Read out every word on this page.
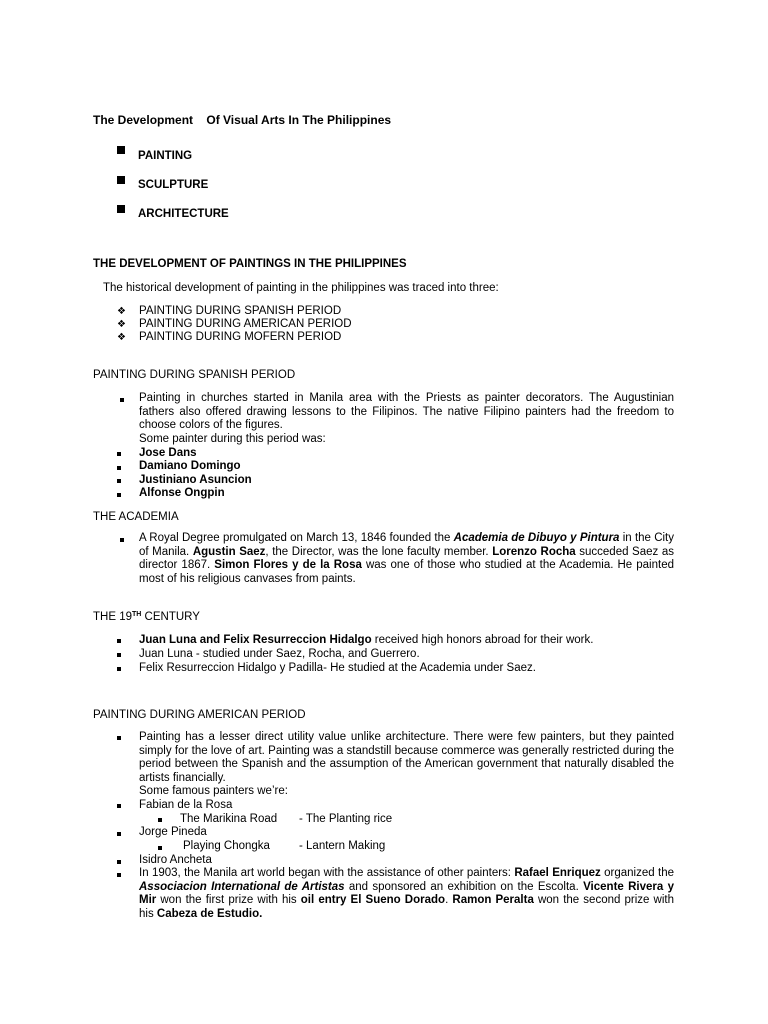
The Development    Of Visual Arts In The Philippines
PAINTING
SCULPTURE
ARCHITECTURE
THE DEVELOPMENT OF PAINTINGS IN THE PHILIPPINES
The historical development of painting in the philippines was traced into three:
❖ PAINTING DURING SPANISH PERIOD
❖ PAINTING DURING AMERICAN PERIOD
❖ PAINTING DURING MOFERN PERIOD
PAINTING DURING SPANISH PERIOD
Painting in churches started in Manila area with the Priests as painter decorators. The Augustinian fathers also offered drawing lessons to the Filipinos. The native Filipino painters had the freedom to choose colors of the figures.
Some painter during this period was:
Jose Dans
Damiano Domingo
Justiniano Asuncion
Alfonse Ongpin
THE ACADEMIA
A Royal Degree promulgated on March 13, 1846 founded the Academia de Dibuyo y Pintura in the City of Manila. Agustin Saez, the Director, was the lone faculty member. Lorenzo Rocha succeded Saez as director 1867. Simon Flores y de la Rosa was one of those who studied at the Academia. He painted most of his religious canvases from paints.
THE 19TH CENTURY
Juan Luna and Felix Resurreccion Hidalgo received high honors abroad for their work.
Juan Luna - studied under Saez, Rocha, and Guerrero.
Felix Resurreccion Hidalgo y Padilla- He studied at the Academia under Saez.
PAINTING DURING AMERICAN PERIOD
Painting has a lesser direct utility value unlike architecture. There were few painters, but they painted simply for the love of art. Painting was a standstill because commerce was generally restricted during the period between the Spanish and the assumption of the American government that naturally disabled the artists financially.
Some famous painters we’re:
Fabian de la Rosa
The Marikina Road - The Planting rice
Jorge Pineda
Playing Chongka	- Lantern Making
Isidro Ancheta
In 1903, the Manila art world began with the assistance of other painters: Rafael Enriquez organized the Associacion International de Artistas and sponsored an exhibition on the Escolta. Vicente Rivera y Mir won the first prize with his oil entry El Sueno Dorado. Ramon Peralta won the second prize with his Cabeza de Estudio.
